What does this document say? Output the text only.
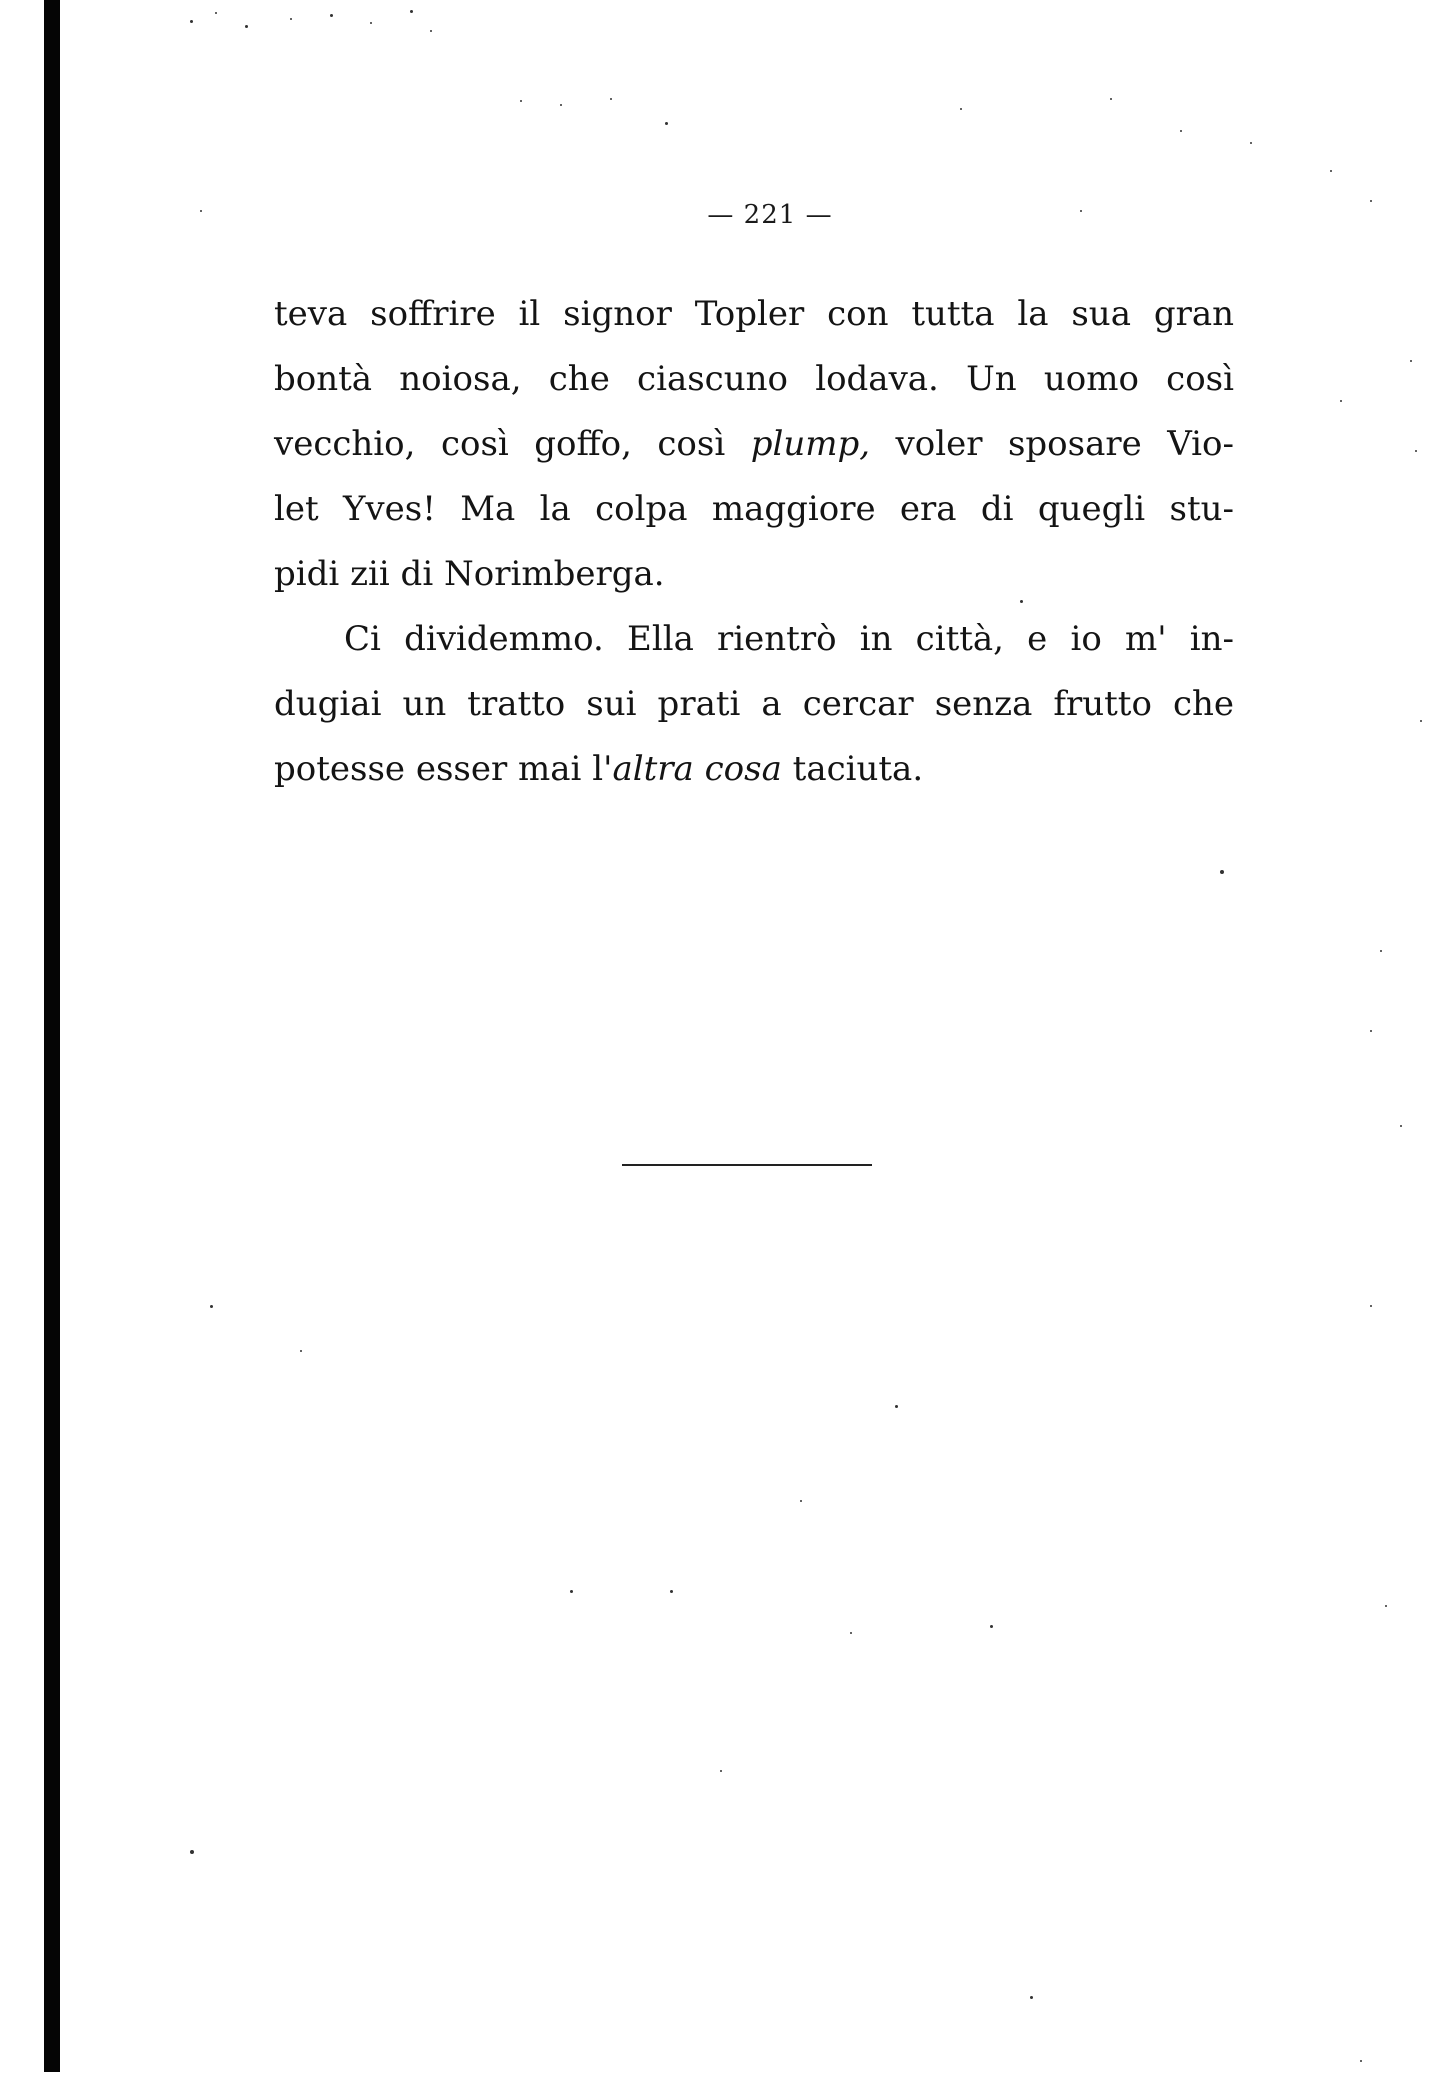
— 221 —
teva soffrire il signor Topler con tutta la sua gran
bontà noiosa, che ciascuno lodava. Un uomo così
vecchio, così goffo, così plump, voler sposare Vio-
let Yves! Ma la colpa maggiore era di quegli stu-
pidi zii di Norimberga.
Ci dividemmo. Ella rientrò in città, e io m' in-
dugiai un tratto sui prati a cercar senza frutto che
potesse esser mai l'altra cosa taciuta.
